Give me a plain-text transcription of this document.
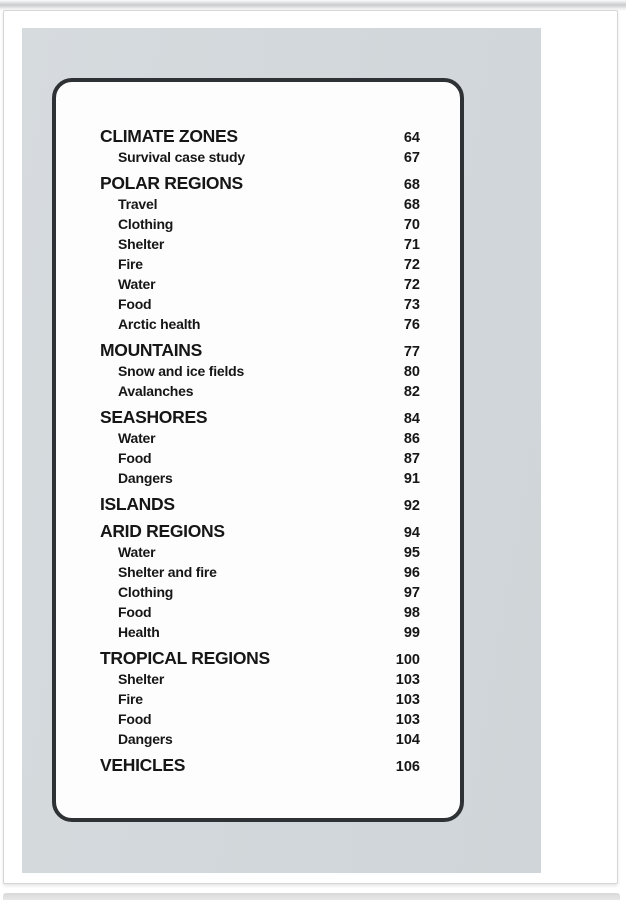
CLIMATE ZONES	64
Survival case study	67
POLAR REGIONS	68
Travel	68
Clothing	70
Shelter	71
Fire	72
Water	72
Food	73
Arctic health	76
MOUNTAINS	77
Snow and ice fields	80
Avalanches	82
SEASHORES	84
Water	86
Food	87
Dangers	91
ISLANDS	92
ARID REGIONS	94
Water	95
Shelter and fire	96
Clothing	97
Food	98
Health	99
TROPICAL REGIONS	100
Shelter	103
Fire	103
Food	103
Dangers	104
VEHICLES	106
